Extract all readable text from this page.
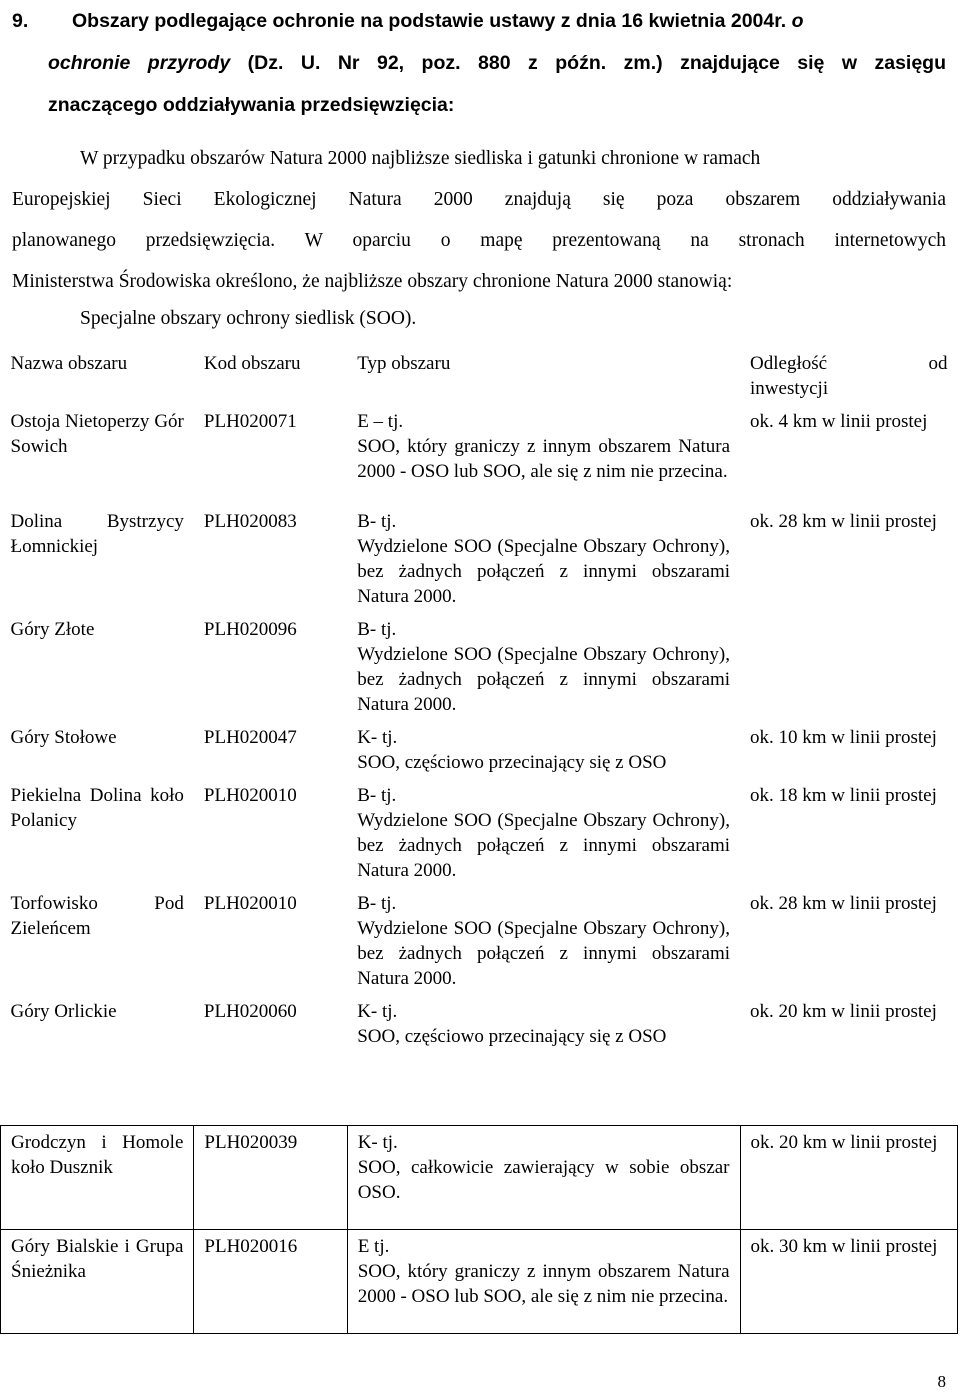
9. Obszary podlegające ochronie na podstawie ustawy z dnia 16 kwietnia 2004r. o
ochronie przyrody (Dz. U. Nr 92, poz. 880 z późn. zm.) znajdujące się w zasięgu
znaczącego oddziaływania przedsięwzięcia:
W przypadku obszarów Natura 2000 najbliższe siedliska i gatunki chronione w ramach
Europejskiej Sieci Ekologicznej Natura 2000 znajdują się poza obszarem oddziaływania
planowanego przedsięwzięcia. W oparciu o mapę prezentowaną na stronach internetowych
Ministerstwa Środowiska określono, że najbliższe obszary chronione Natura 2000 stanowią:
Specjalne obszary ochrony siedlisk (SOO).
Nazwa obszaru	Kod obszaru	Typ obszaru	Odległość od
inwestycji

Ostoja Nietoperzy Gór Sowich	PLH020071	E – tj.
SOO, który graniczy z innym obszarem Natura 2000 - OSO lub SOO, ale się z nim nie przecina.	ok. 4 km w linii prostej

Dolina Bystrzycy Łomnickiej	PLH020083	B- tj.
Wydzielone SOO (Specjalne Obszary Ochrony), bez żadnych połączeń z innymi obszarami Natura 2000.	ok. 28 km w linii prostej

Góry Złote	PLH020096	B- tj.
Wydzielone SOO (Specjalne Obszary Ochrony), bez żadnych połączeń z innymi obszarami Natura 2000.	

Góry Stołowe	PLH020047	K- tj.
SOO, częściowo przecinający się z OSO	ok. 10 km w linii prostej

Piekielna Dolina koło Polanicy	PLH020010	B- tj.
Wydzielone SOO (Specjalne Obszary Ochrony), bez żadnych połączeń z innymi obszarami Natura 2000.	ok. 18 km w linii prostej

Torfowisko Pod Zieleńcem	PLH020010	B- tj.
Wydzielone SOO (Specjalne Obszary Ochrony), bez żadnych połączeń z innymi obszarami Natura 2000.	ok. 28 km w linii prostej

Góry Orlickie	PLH020060	K- tj.
SOO, częściowo przecinający się z OSO	ok. 20 km w linii prostej

Grodczyn i Homole koło Dusznik	PLH020039	K- tj.
SOO, całkowicie zawierający w sobie obszar OSO.	ok. 20 km w linii prostej

Góry Bialskie i Grupa Śnieżnika	PLH020016	E tj.
SOO, który graniczy z innym obszarem Natura 2000 - OSO lub SOO, ale się z nim nie przecina.	ok. 30 km w linii prostej
8
